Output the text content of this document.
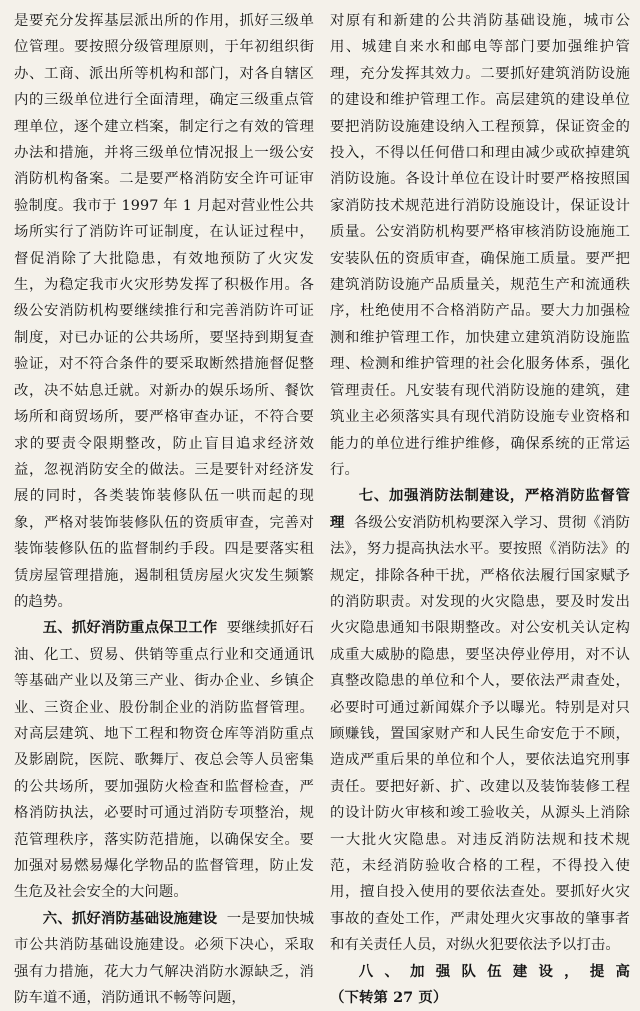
是要充分发挥基层派出所的作用，抓好三级单位管理。要按照分级管理原则，于年初组织街办、工商、派出所等机构和部门，对各自辖区内的三级单位进行全面清理，确定三级重点管理单位，逐个建立档案，制定行之有效的管理办法和措施，并将三级单位情况报上一级公安消防机构备案。二是要严格消防安全许可证审验制度。我市于 1997 年 1 月起对营业性公共场所实行了消防许可证制度，在认证过程中，督促消除了大批隐患，有效地预防了火灾发生，为稳定我市火灾形势发挥了积极作用。各级公安消防机构要继续推行和完善消防许可证制度，对已办证的公共场所，要坚持到期复查验证，对不符合条件的要采取断然措施督促整改，决不姑息迁就。对新办的娱乐场所、餐饮场所和商贸场所，要严格审查办证，不符合要求的要责令限期整改，防止盲目追求经济效益，忽视消防安全的做法。三是要针对经济发展的同时，各类装饰装修队伍一哄而起的现象，严格对装饰装修队伍的资质审查，完善对装饰装修队伍的监督制约手段。四是要落实租赁房屋管理措施，遏制租赁房屋火灾发生频繁的趋势。

五、抓好消防重点保卫工作 要继续抓好石油、化工、贸易、供销等重点行业和交通通讯等基础产业以及第三产业、街办企业、乡镇企业、三资企业、股份制企业的消防监督管理。对高层建筑、地下工程和物资仓库等消防重点及影剧院，医院、歌舞厅、夜总会等人员密集的公共场所，要加强防火检查和监督检查，严格消防执法，必要时可通过消防专项整治，规范管理秩序，落实防范措施，以确保安全。要加强对易燃易爆化学物品的监督管理，防止发生危及社会安全的大问题。

六、抓好消防基础设施建设 一是要加快城市公共消防基础设施建设。必须下决心，采取强有力措施，花大力气解决消防水源缺乏，消防车道不通，消防通讯不畅等问题，

对原有和新建的公共消防基础设施，城市公用、城建自来水和邮电等部门要加强维护管理，充分发挥其效力。二要抓好建筑消防设施的建设和维护管理工作。高层建筑的建设单位要把消防设施建设纳入工程预算，保证资金的投入，不得以任何借口和理由减少或砍掉建筑消防设施。各设计单位在设计时要严格按照国家消防技术规范进行消防设施设计，保证设计质量。公安消防机构要严格审核消防设施施工安装队伍的资质审查，确保施工质量。要严把建筑消防设施产品质量关，规范生产和流通秩序，杜绝使用不合格消防产品。要大力加强检测和维护管理工作，加快建立建筑消防设施监理、检测和维护管理的社会化服务体系，强化管理责任。凡安装有现代消防设施的建筑，建筑业主必须落实具有现代消防设施专业资格和能力的单位进行维护维修，确保系统的正常运行。

七、加强消防法制建设，严格消防监督管理 各级公安消防机构要深入学习、贯彻《消防法》，努力提高执法水平。要按照《消防法》的规定，排除各种干扰，严格依法履行国家赋予的消防职责。对发现的火灾隐患，要及时发出火灾隐患通知书限期整改。对公安机关认定构成重大威胁的隐患，要坚决停业停用，对不认真整改隐患的单位和个人，要依法严肃查处，必要时可通过新闻媒介予以曝光。特别是对只顾赚钱，置国家财产和人民生命安危于不顾，造成严重后果的单位和个人，要依法追究刑事责任。要把好新、扩、改建以及装饰装修工程的设计防火审核和竣工验收关，从源头上消除一大批火灾隐患。对违反消防法规和技术规范，未经消防验收合格的工程，不得投入使用，擅自投入使用的要依法查处。要抓好火灾事故的查处工作，严肃处理火灾事故的肇事者和有关责任人员，对纵火犯要依法予以打击。

八、加强队伍建设，提高（下转第 27 页）
